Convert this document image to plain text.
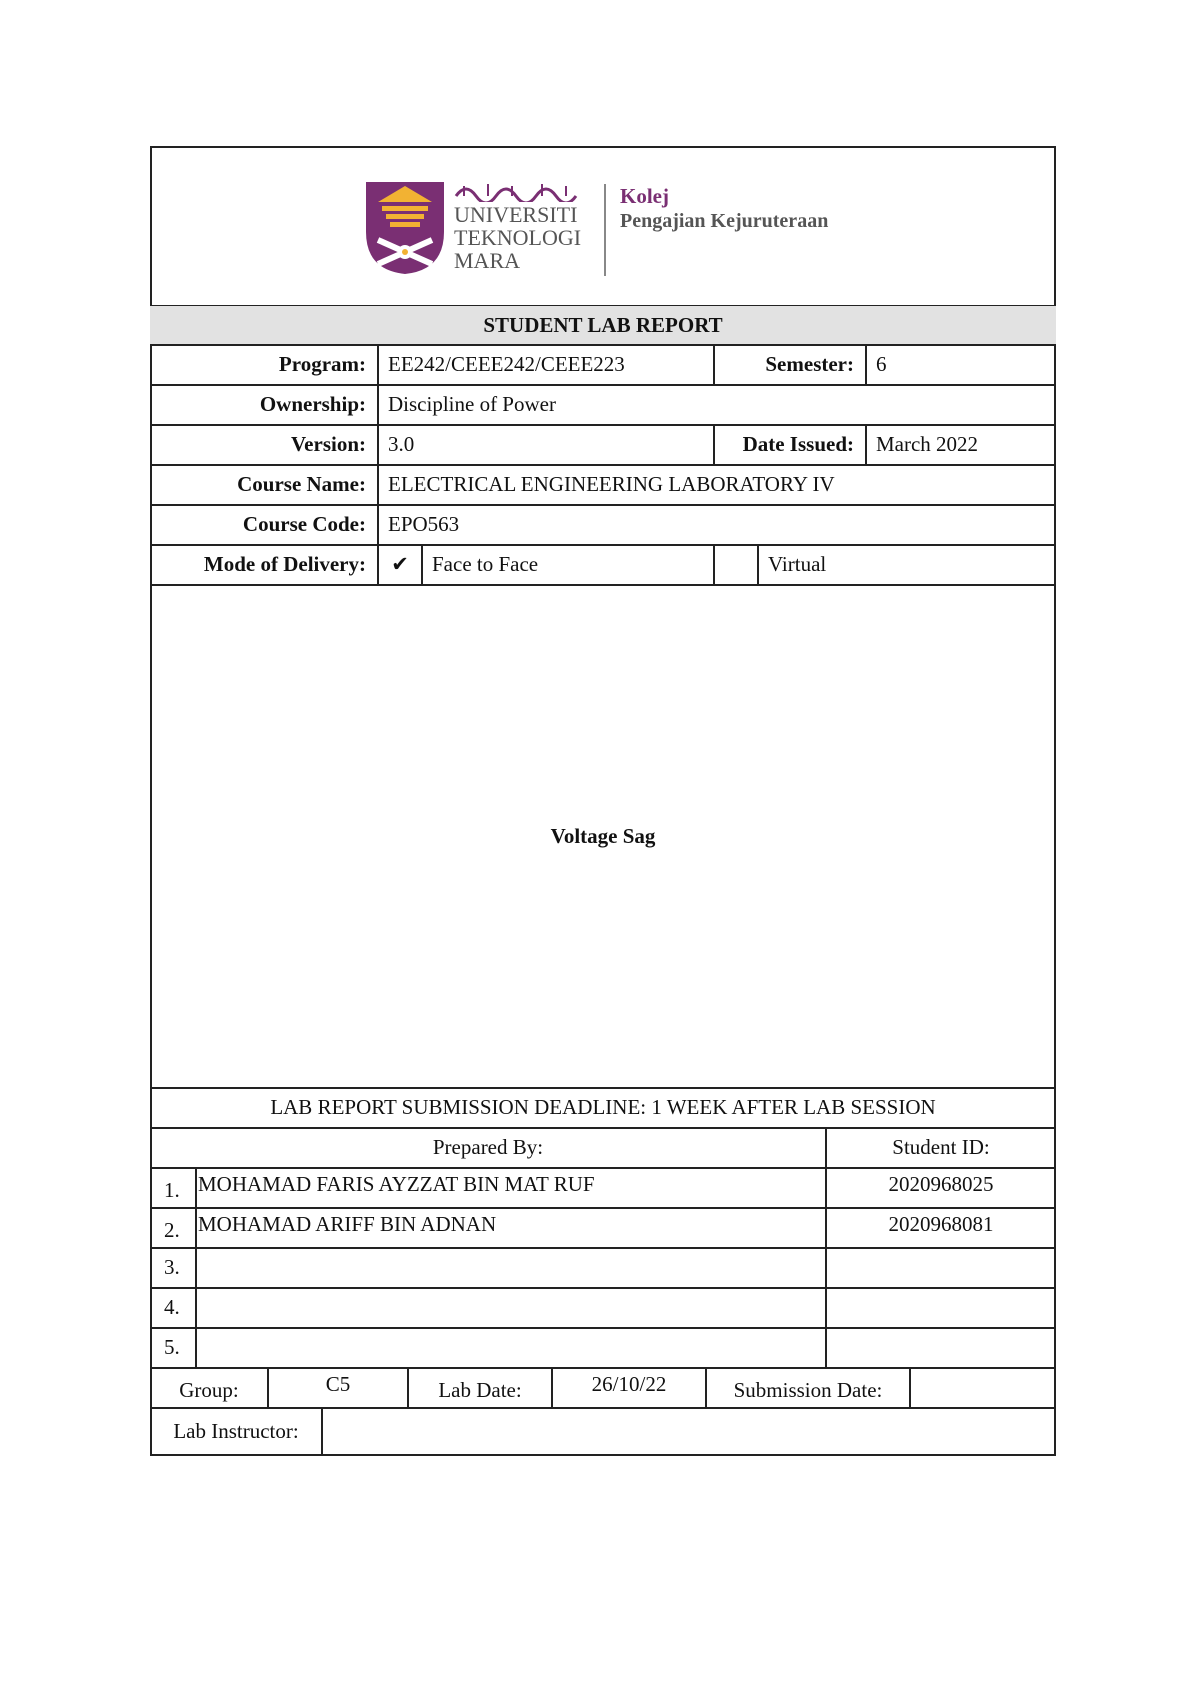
UNIVERSITI
TEKNOLOGI
MARA
Kolej
Pengajian Kejuruteraan
STUDENT LAB REPORT
Program:	EE242/CEEE242/CEEE223	Semester:	6
Ownership:	Discipline of Power
Version:	3.0	Date Issued:	March 2022
Course Name:	ELECTRICAL ENGINEERING LABORATORY IV
Course Code:	EPO563
Mode of Delivery:	✔	Face to Face	Virtual
Voltage Sag
LAB REPORT SUBMISSION DEADLINE: 1 WEEK AFTER LAB SESSION
Prepared By:	Student ID:
1. MOHAMAD FARIS AYZZAT BIN MAT RUF	2020968025
2. MOHAMAD ARIFF BIN ADNAN	2020968081
3.
4.
5.
Group:	C5	Lab Date:	26/10/22	Submission Date:
Lab Instructor:
